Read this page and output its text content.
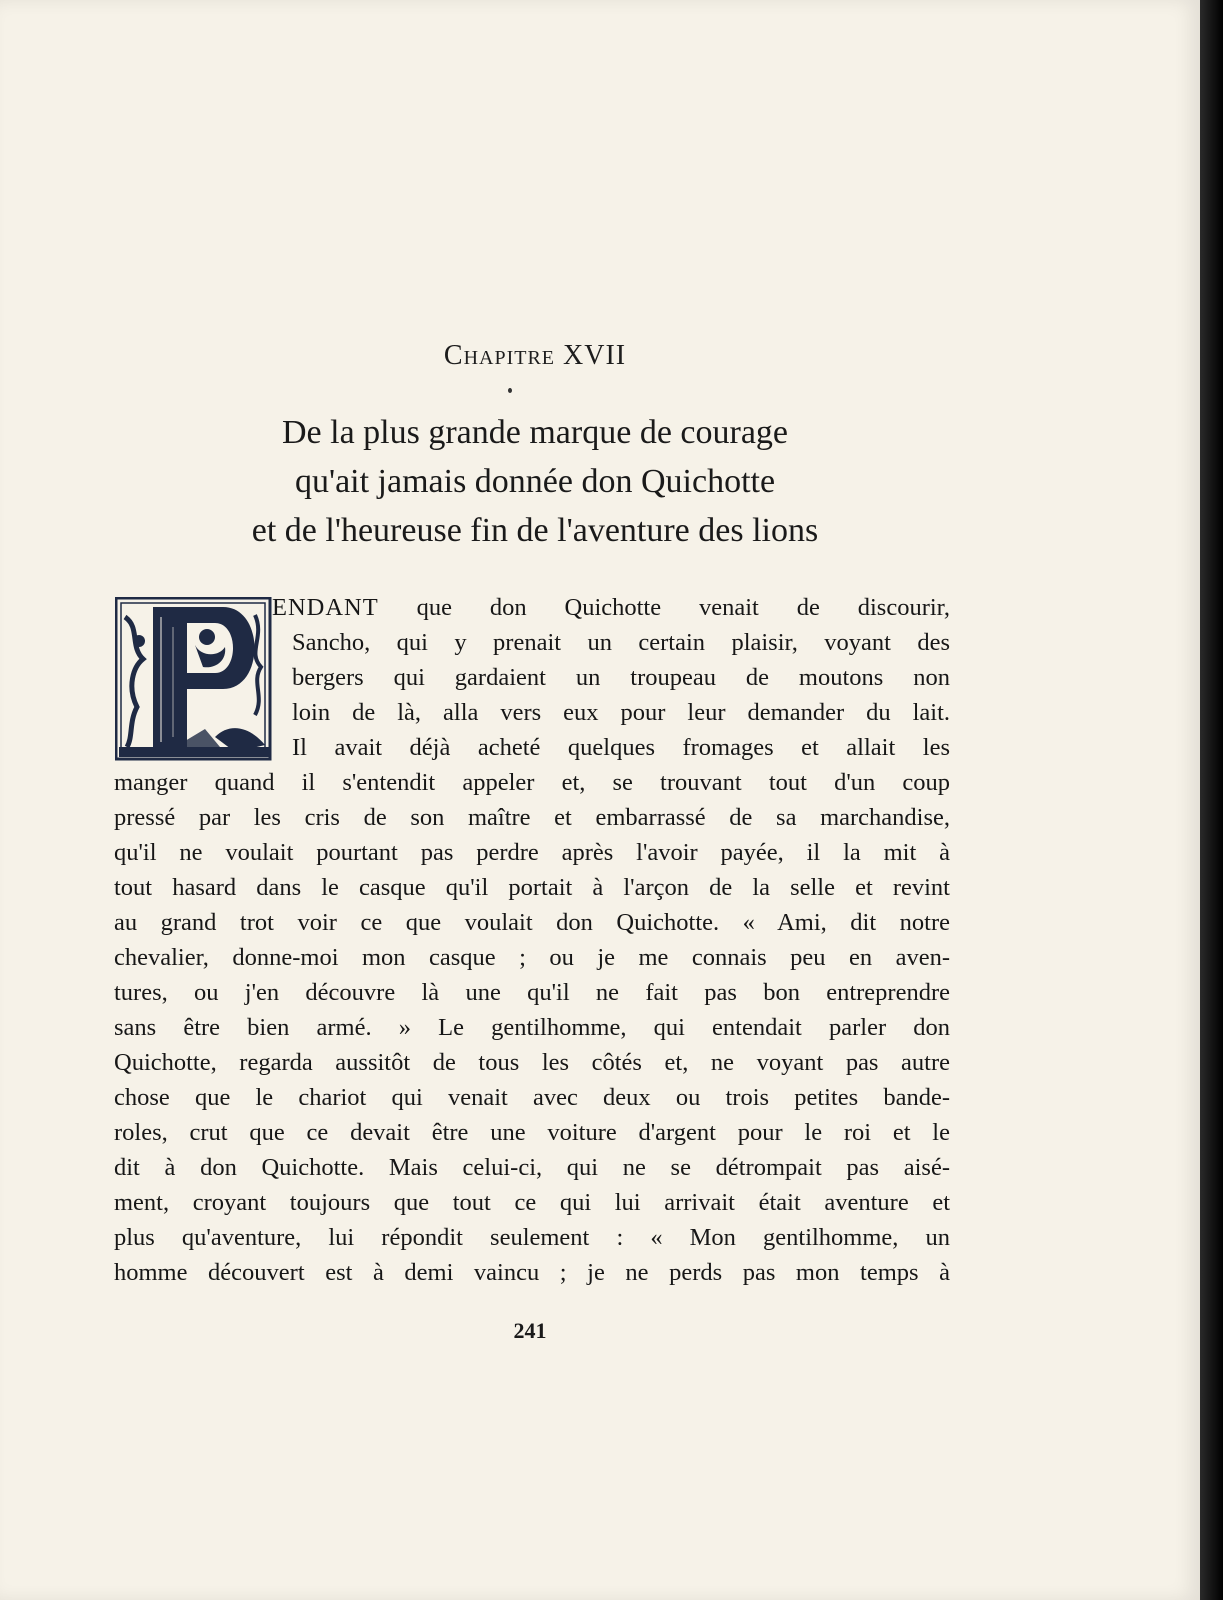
Chapitre XVII
De la plus grande marque de courage
qu'ait jamais donnée don Quichotte
et de l'heureuse fin de l'aventure des lions
ENDANT que don Quichotte venait de discourir,
Sancho, qui y prenait un certain plaisir, voyant des
bergers qui gardaient un troupeau de moutons non
loin de là, alla vers eux pour leur demander du lait.
Il avait déjà acheté quelques fromages et allait les
manger quand il s'entendit appeler et, se trouvant tout d'un coup
pressé par les cris de son maître et embarrassé de sa marchandise,
qu'il ne voulait pourtant pas perdre après l'avoir payée, il la mit à
tout hasard dans le casque qu'il portait à l'arçon de la selle et revint
au grand trot voir ce que voulait don Quichotte. « Ami, dit notre
chevalier, donne-moi mon casque ; ou je me connais peu en aven-
tures, ou j'en découvre là une qu'il ne fait pas bon entreprendre
sans être bien armé. » Le gentilhomme, qui entendait parler don
Quichotte, regarda aussitôt de tous les côtés et, ne voyant pas autre
chose que le chariot qui venait avec deux ou trois petites bande-
roles, crut que ce devait être une voiture d'argent pour le roi et le
dit à don Quichotte. Mais celui-ci, qui ne se détrompait pas aisé-
ment, croyant toujours que tout ce qui lui arrivait était aventure et
plus qu'aventure, lui répondit seulement : « Mon gentilhomme, un
homme découvert est à demi vaincu ; je ne perds pas mon temps à
241
